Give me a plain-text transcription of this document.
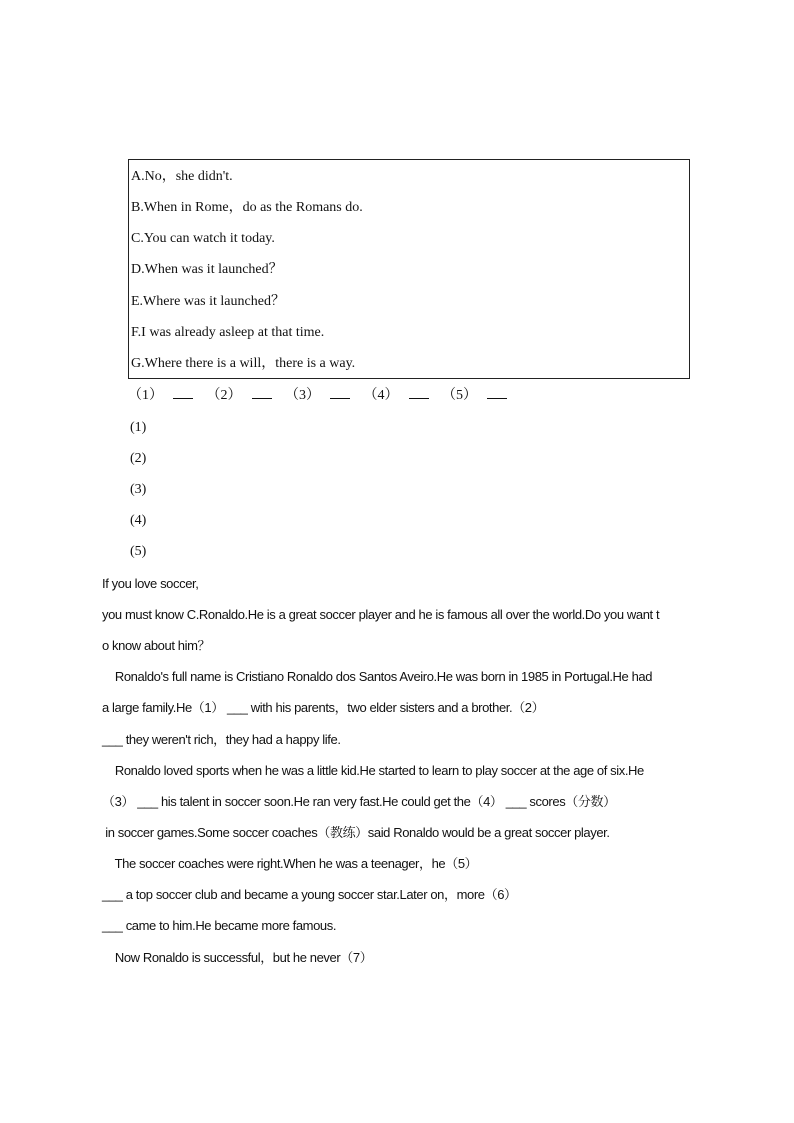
A.No，she didn't.
B.When in Rome，do as the Romans do.
C.You can watch it today.
D.When was it launched？
E.Where was it launched？
F.I was already asleep at that time.
G.Where there is a will，there is a way.
（1）	（2）	（3）	（4）	（5）
(1)
(2)
(3)
(4)
(5)
If you love soccer,
you must know C.Ronaldo.He is a great soccer player and he is famous all over the world.Do you want t
o know about him？
Ronaldo's full name is Cristiano Ronaldo dos Santos Aveiro.He was born in 1985 in Portugal.He had
a large family.He（1） ___ with his parents，two elder sisters and a brother.（2）
___ they weren't rich，they had a happy life.
Ronaldo loved sports when he was a little kid.He started to learn to play soccer at the age of six.He
（3） ___ his talent in soccer soon.He ran very fast.He could get the（4） ___ scores（分数）
in soccer games.Some soccer coaches（教练）said Ronaldo would be a great soccer player.
The soccer coaches were right.When he was a teenager，he（5）
___ a top soccer club and became a young soccer star.Later on，more（6）
___ came to him.He became more famous.
Now Ronaldo is successful，but he never（7）
